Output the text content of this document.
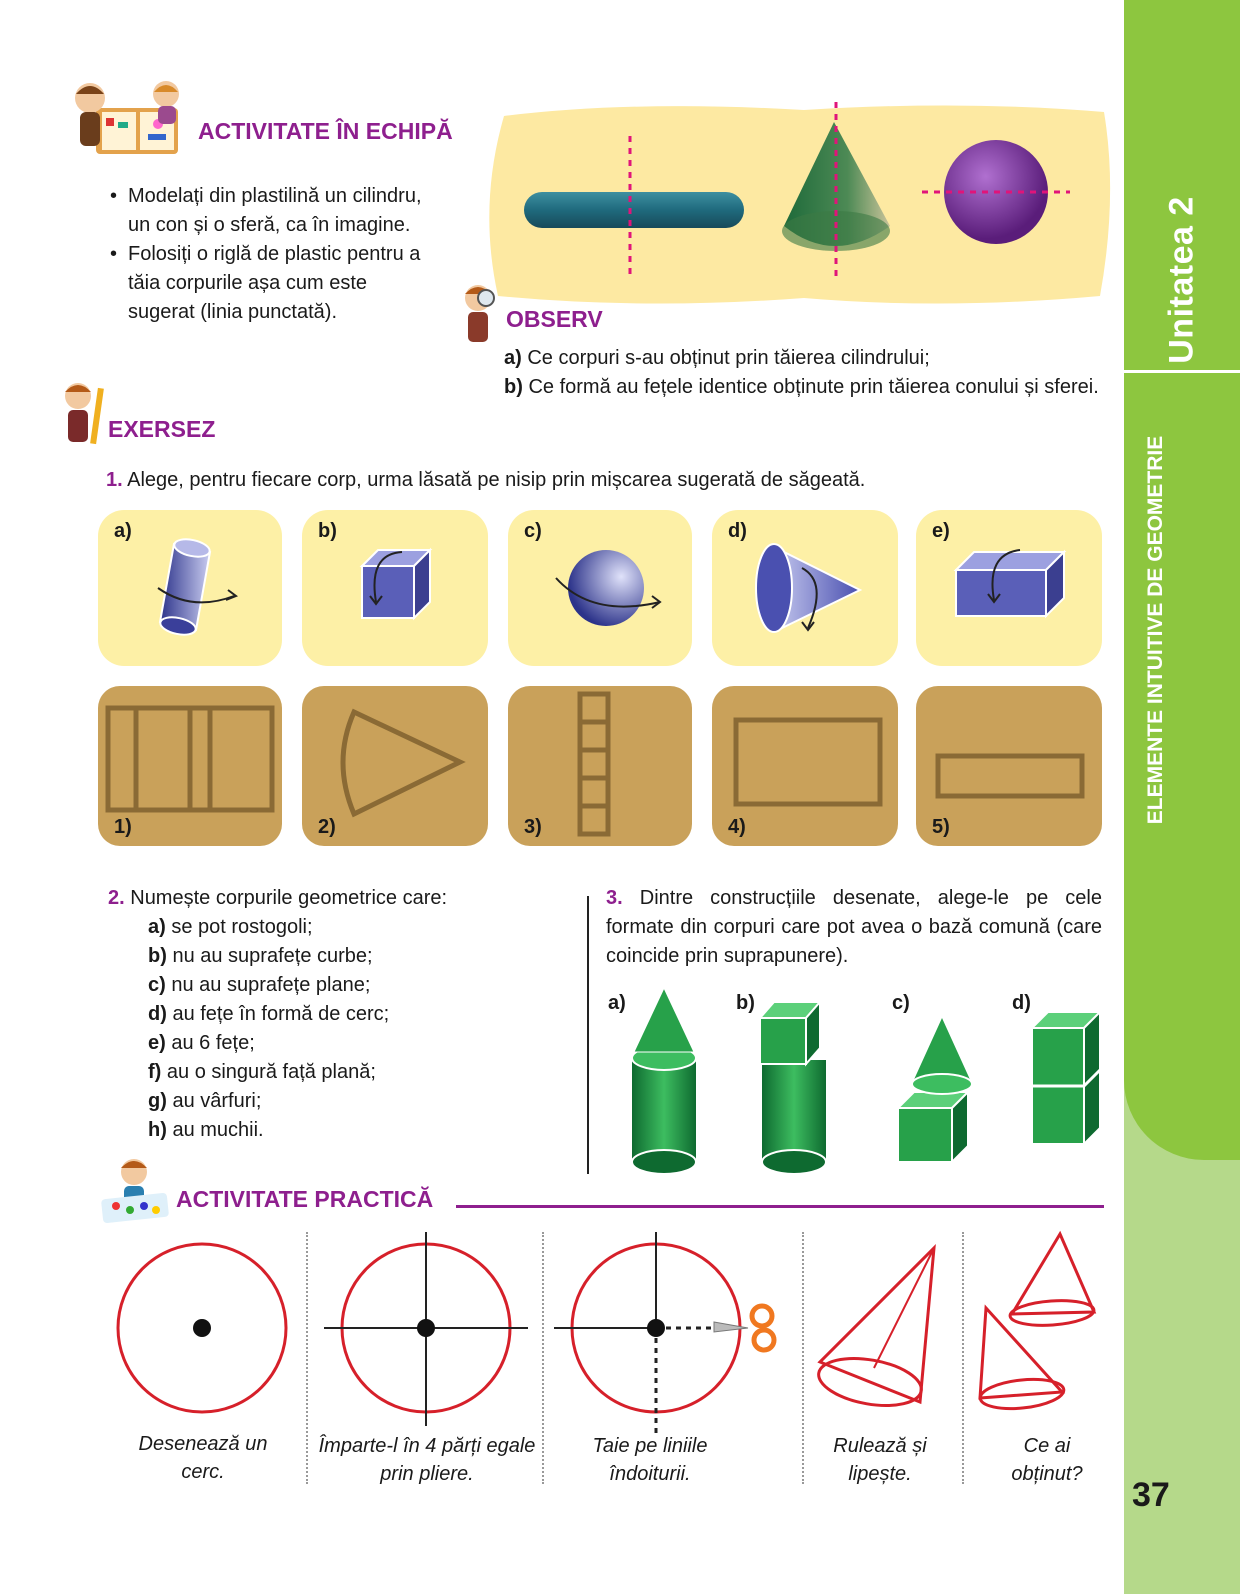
Unitatea 2
ELEMENTE INTUITIVE DE GEOMETRIE
37
ACTIVITATE ÎN ECHIPĂ
• Modelați din plastilină un cilindru, un con și o sferă, ca în imagine.
• Folosiți o riglă de plastic pentru a tăia corpurile așa cum este sugerat (linia punctată).	OBSERV
a) Ce corpuri s-au obținut prin tăierea cilindrului;
b) Ce formă au fețele identice obținute prin tăierea conului și sferei.
EXERSEZ
1. Alege, pentru fiecare corp, urma lăsată pe nisip prin mișcarea sugerată de săgeată.
a)	b)	c)	d)	e)
1)	2)	3)	4)	5)
2. Numește corpurile geometrice care:
a) se pot rostogoli;
b) nu au suprafețe curbe;
c) nu au suprafețe plane;
d) au fețe în formă de cerc;
e) au 6 fețe;
f) au o singură față plană;
g) au vârfuri;
h) au muchii.
3. Dintre construcțiile desenate, alege-le pe cele formate din corpuri care pot avea o bază comună (care coincide prin suprapunere).
a)	b)	c)	d)
ACTIVITATE PRACTICĂ
Desenează un cerc.
Împarte-l în 4 părți egale prin pliere.
Taie pe liniile îndoiturii.
Rulează și lipește.
Ce ai obținut?
